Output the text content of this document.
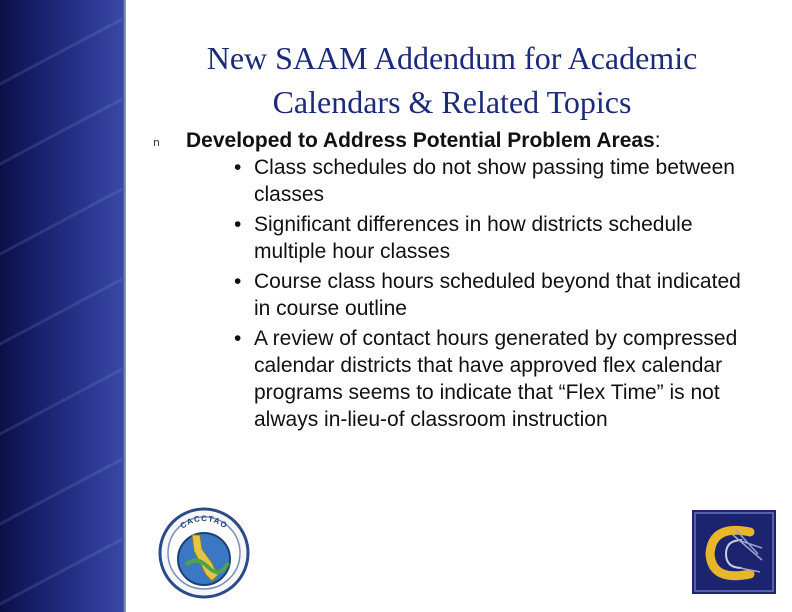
New SAAM Addendum for Academic Calendars & Related Topics
n Developed to Address Potential Problem Areas:
• Class schedules do not show passing time between classes
• Significant differences in how districts schedule multiple hour classes
• Course class hours scheduled beyond that indicated in course outline
• A review of contact hours generated by compressed calendar districts that have approved flex calendar programs seems to indicate that “Flex Time” is not always in-lieu-of classroom instruction
CACCTAO
